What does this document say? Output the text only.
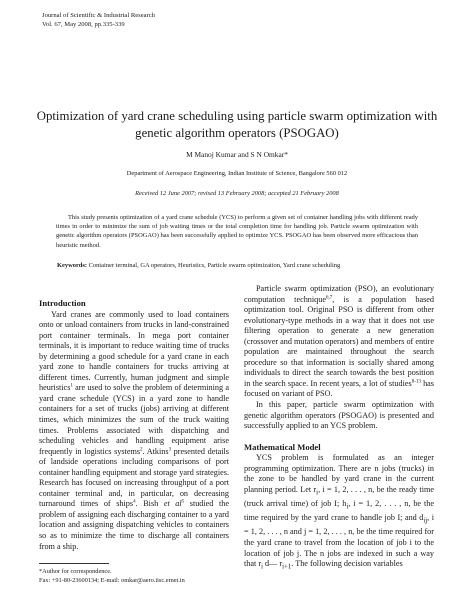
Journal of Scientific & Industrial Research
Vol. 67, May 2008, pp.335-339
Optimization of yard crane scheduling using particle swarm optimization with
genetic algorithm operators (PSOGAO)
M Manoj Kumar and S N Omkar*
Department of Aerospace Engineering, Indian Institute of Science, Bangalore 560 012
Received 12 June 2007; revised 13 February 2008; accepted 21 February 2008
This study presents optimization of a yard crane schedule (YCS) to perform a given set of container handling jobs with different ready times in order to minimize the sum of job waiting times or the total completion time for handling job. Particle swarm optimization with genetic algorithm operators (PSOGAO) has been successfully applied to optimize YCS. PSOGAO has been observed more efficacious than heuristic method.
Keywords: Container terminal, GA operators, Heuristics, Particle swarm optimization, Yard crane scheduling

Introduction

Yard cranes are commonly used to load containers onto or unload containers from trucks in land-constrained port container terminals. In mega port container terminals, it is important to reduce waiting time of trucks by determining a good schedule for a yard crane in each yard zone to handle containers for trucks arriving at different times. Currently, human judgment and simple heuristics$^1$ are used to solve the problem of determining a yard crane schedule (YCS) in a yard zone to handle containers for a set of trucks (jobs) arriving at different times, which minimizes the sum of the truck waiting times. Problems associated with dispatching and scheduling vehicles and handling equipment arise frequently in logistics systems$^2$. Atkins$^3$ presented details of landside operations including comparisons of port container handling equipment and storage yard strategies. Research has focused on increasing throughput of a port container terminal and, in particular, on decreasing turnaround times of ships$^4$. Bish et $al^5$ studied the problem of assigning each discharging container to a yard location and assigning dispatching vehicles to containers so as to minimize the time to discharge all containers from a ship.

*Author for correspondence.
Fax: +91-80-23600134; E-mail: omkar@aero.iisc.ernet.in

Particle swarm optimization (PSO), an evolutionary computation technique$^{6,7}$, is a population based optimization tool. Original PSO is different from other evolutionary-type methods in a way that it does not use filtering operation to generate a new generation (crossover and mutation operators) and members of entire population are maintained throughout the search procedure so that information is socially shared among individuals to direct the search towards the best position in the search space. In recent years, a lot of studies$^{8-13}$ has focused on variant of PSO.

In this paper, particle swarm optimization with genetic algorithm operators (PSOGAO) is presented and successfully applied to an YCS problem.

Mathematical Model

YCS problem is formulated as an integer programming optimization. There are n jobs (trucks) in the zone to be handled by yard crane in the current planning period. Let $r_i$, i = 1, 2, . . . , n, be the ready time (truck arrival time) of job I; $h_i$, i = 1, 2, . . . , n, be the time required by the yard crane to handle job I; and $d_{ij}$, i = 1, 2, . . . , n and j = 1, 2, . . . , n, be the time required for the yard crane to travel from the location of job i to the location of job j. The n jobs are indexed in such a way that $r_i$ d— $r_{i+1}$. The following decision variables
